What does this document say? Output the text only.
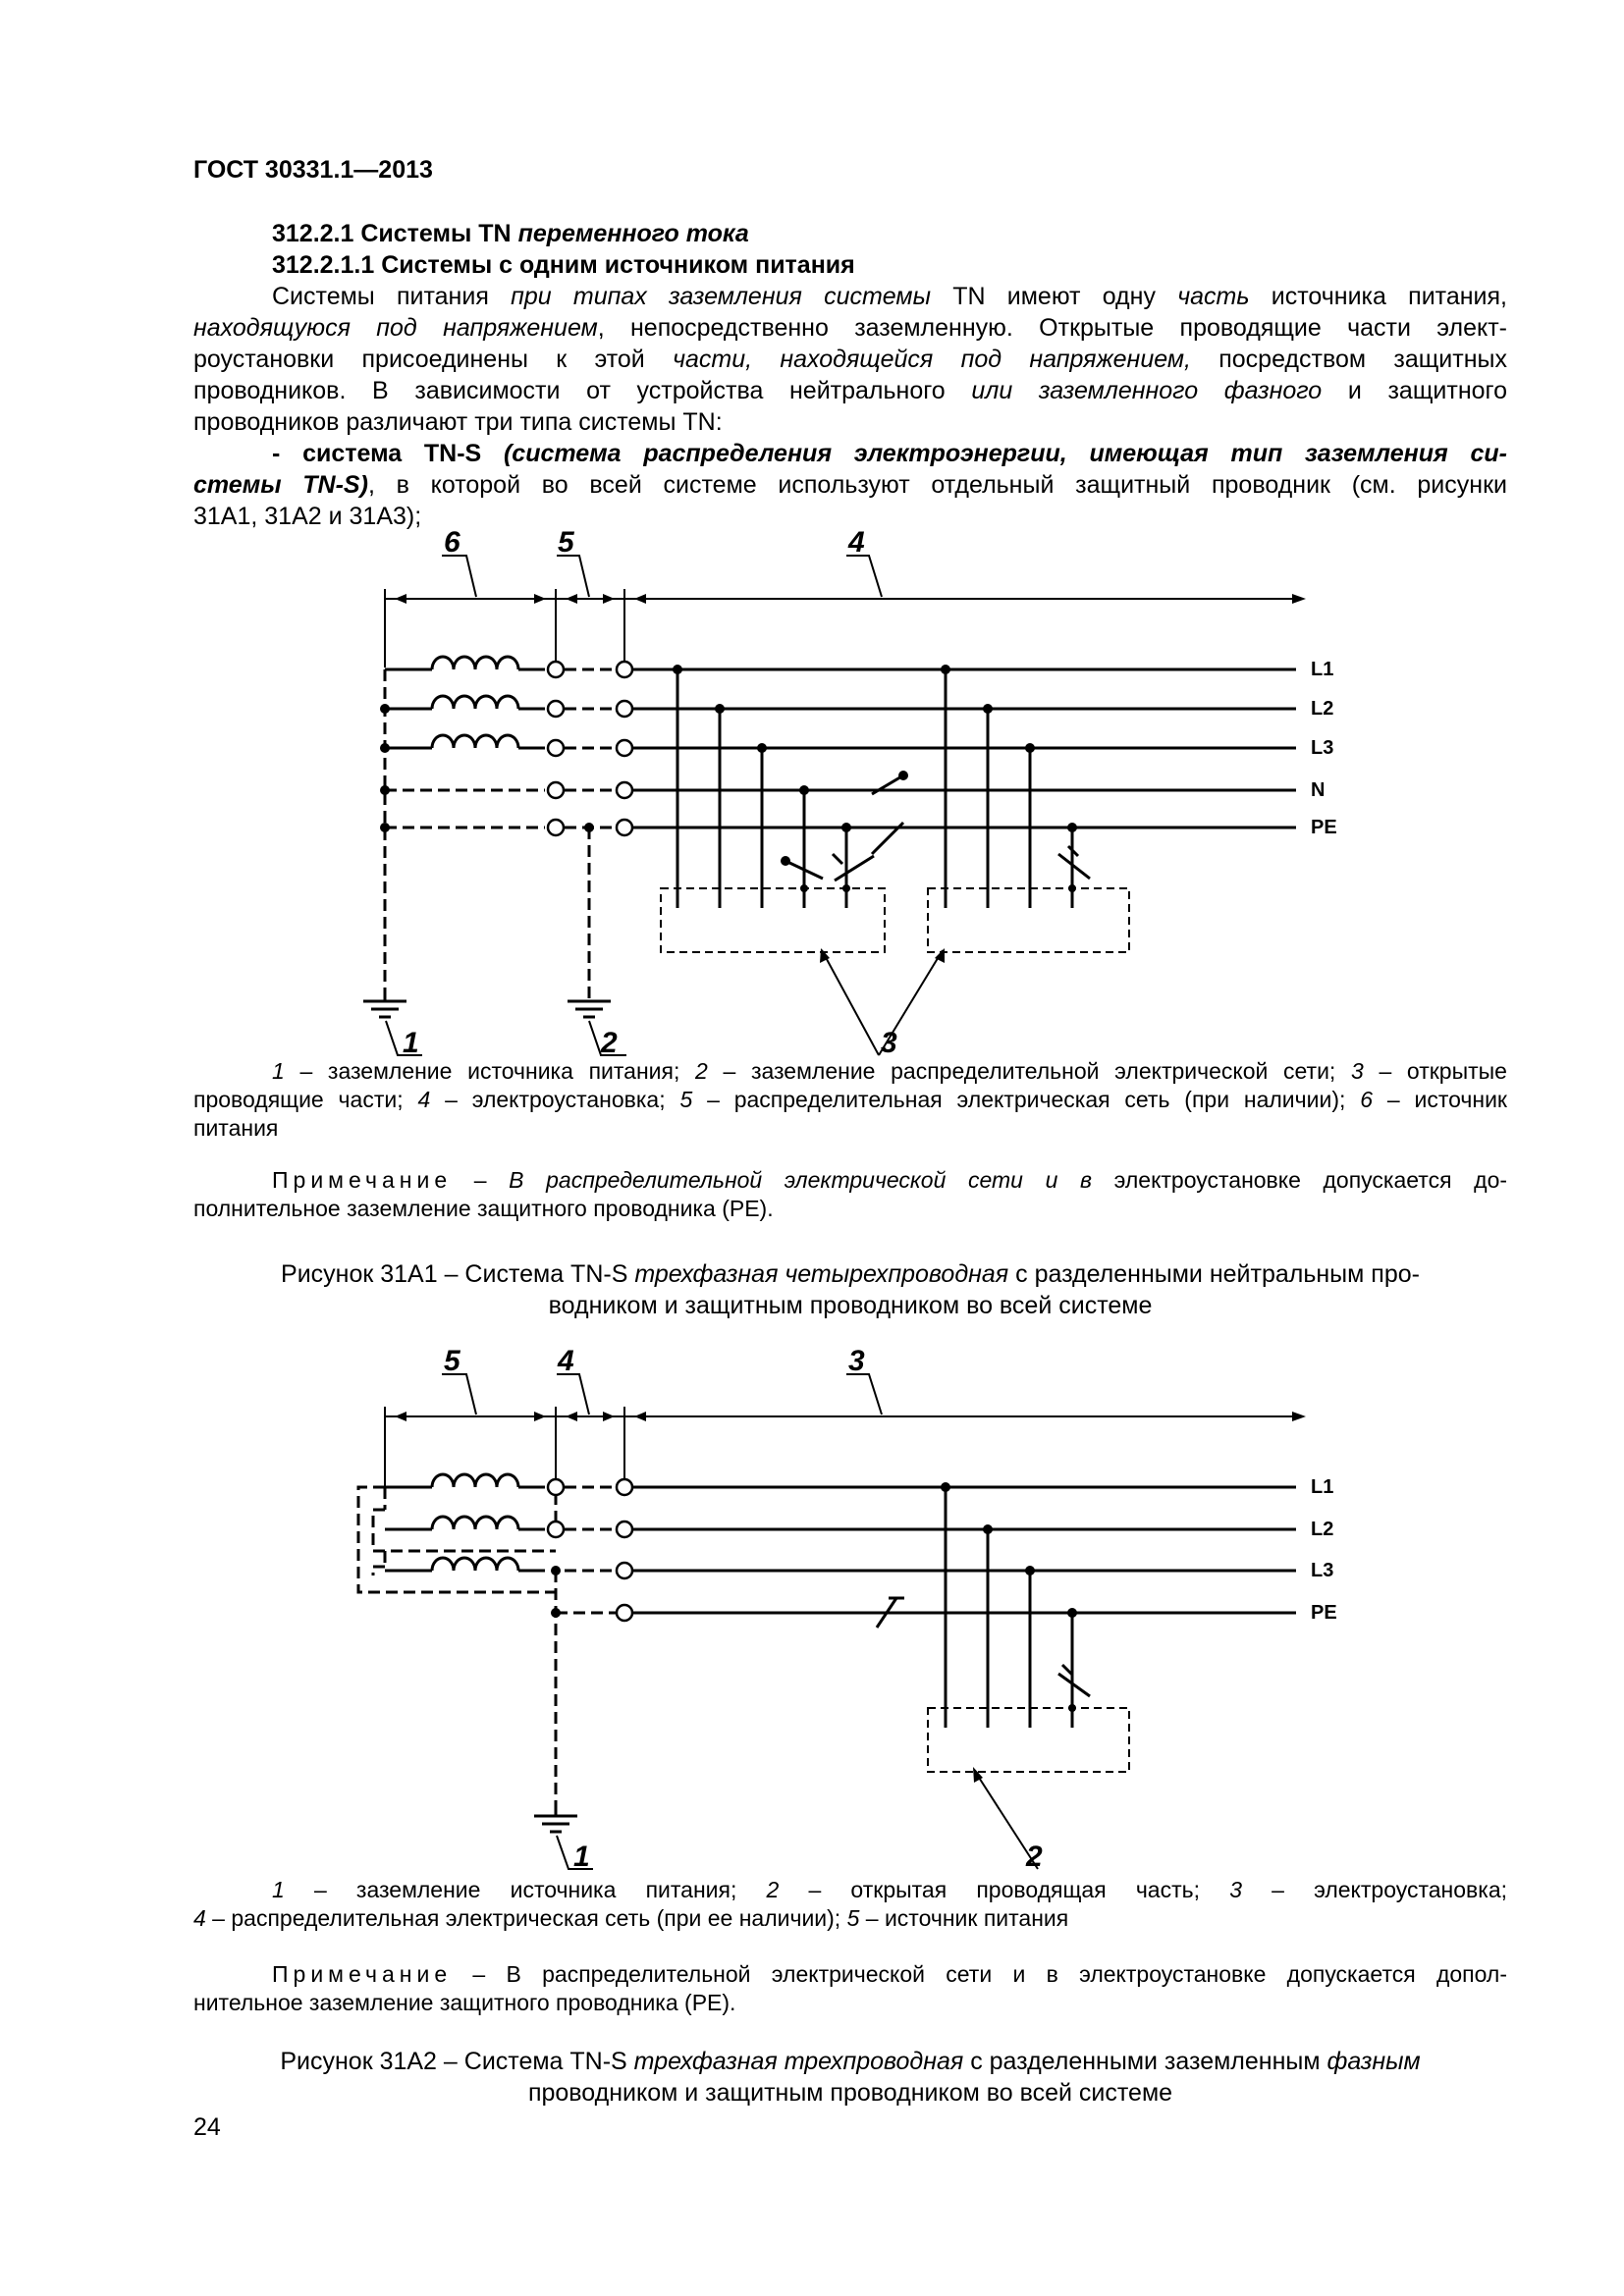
ГОСТ 30331.1—2013
312.2.1 Системы TN переменного тока
312.2.1.1 Системы с одним источником питания
Системы питания при типах заземления системы TN имеют одну часть источника питания,
находящуюся под напряжением, непосредственно заземленную. Открытые проводящие части элект-
роустановки присоединены к этой части, находящейся под напряжением, посредством защитных
проводников. В зависимости от устройства нейтрального или заземленного фазного и защитного
проводников различают три типа системы TN:
- система TN-S (система распределения электроэнергии, имеющая тип заземления си-
стемы TN-S), в которой во всей системе используют отдельный защитный проводник (см. рисунки
31А1, 31А2 и 31А3);
6	5	4
1	2	3
L1
L2
L3
N
PE
5	4	3
1	2
L1
L2
L3
PE
1 – заземление источника питания; 2 – заземление распределительной электрической сети; 3 – открытые
проводящие части; 4 – электроустановка; 5 – распределительная электрическая сеть (при наличии); 6 – источник
питания
Примечание – В распределительной электрической сети и в электроустановке допускается до-
полнительное заземление защитного проводника (PE).
Рисунок 31А1 – Система TN-S трехфазная четырехпроводная с разделенными нейтральным про-
водником и защитным проводником во всей системе
1 – заземление источника питания; 2 – открытая проводящая часть; 3 – электроустановка;
4 – распределительная электрическая сеть (при ее наличии); 5 – источник питания
Примечание – В распределительной электрической сети и в электроустановке допускается допол-
нительное заземление защитного проводника (PE).
Рисунок 31А2 – Система TN-S трехфазная трехпроводная с разделенными заземленным фазным
проводником и защитным проводником во всей системе
24
